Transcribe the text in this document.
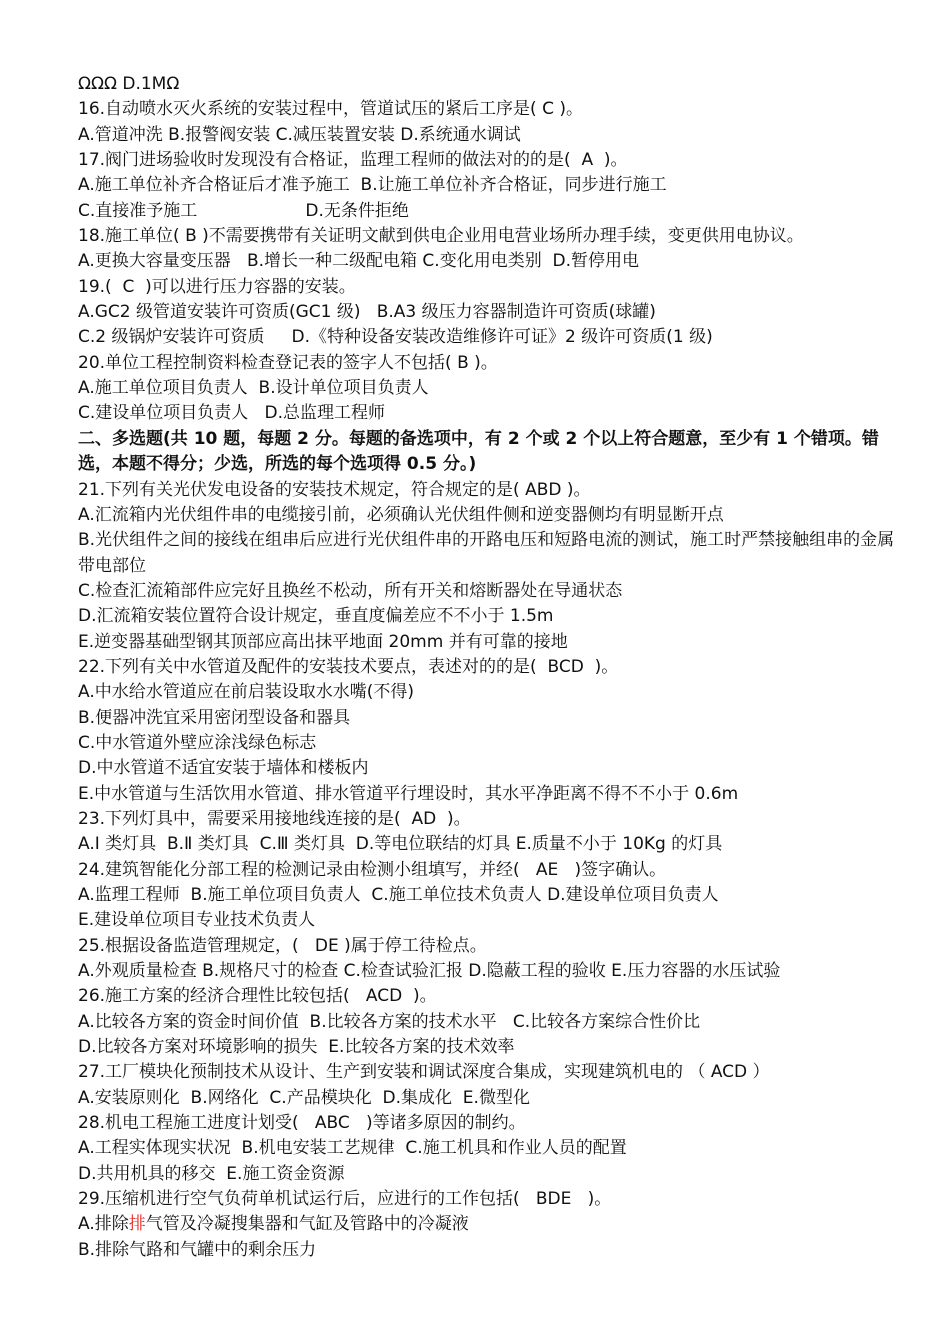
ΩΩΩ D.1MΩ
16.自动喷水灭火系统的安装过程中，管道试压的紧后工序是( C )。
A.管道冲洗 B.报警阀安装 C.减压装置安装 D.系统通水调试
17.阀门进场验收时发现没有合格证，监理工程师的做法对的的是(  A  )。
A.施工单位补齐合格证后才准予施工  B.让施工单位补齐合格证，同步进行施工
C.直接准予施工                    D.无条件拒绝
18.施工单位( B )不需要携带有关证明文献到供电企业用电营业场所办理手续，变更供用电协议。
A.更换大容量变压器   B.增长一种二级配电箱 C.变化用电类别  D.暂停用电
19.(  C  )可以进行压力容器的安装。
A.GC2 级管道安装许可资质(GC1 级)   B.A3 级压力容器制造许可资质(球罐)
C.2 级锅炉安装许可资质     D.《特种设备安装改造维修许可证》2 级许可资质(1 级)
20.单位工程控制资料检查登记表的签字人不包括( B )。
A.施工单位项目负责人  B.设计单位项目负责人
C.建设单位项目负责人   D.总监理工程师
二、多选题(共 10 题，每题 2 分。每题的备选项中，有 2 个或 2 个以上符合题意，至少有 1 个错项。错选，本题不得分；少选，所选的每个选项得 0.5 分。)
21.下列有关光伏发电设备的安装技术规定，符合规定的是( ABD )。
A.汇流箱内光伏组件串的电缆接引前，必须确认光伏组件侧和逆变器侧均有明显断开点
B.光伏组件之间的接线在组串后应进行光伏组件串的开路电压和短路电流的测试，施工时严禁接触组串的金属带电部位
C.检查汇流箱部件应完好且换丝不松动，所有开关和熔断器处在导通状态
D.汇流箱安装位置符合设计规定，垂直度偏差应不不小于 1.5m
E.逆变器基础型钢其顶部应高出抹平地面 20mm 并有可靠的接地
22.下列有关中水管道及配件的安装技术要点，表述对的的是(  BCD  )。
A.中水给水管道应在前启装设取水水嘴(不得)
B.便器冲洗宜采用密闭型设备和器具
C.中水管道外壁应涂浅绿色标志
D.中水管道不适宜安装于墙体和楼板内
E.中水管道与生活饮用水管道、排水管道平行埋设时，其水平净距离不得不不小于 0.6m
23.下列灯具中，需要采用接地线连接的是(  AD  )。
A.Ⅰ 类灯具  B.Ⅱ 类灯具  C.Ⅲ 类灯具  D.等电位联结的灯具 E.质量不小于 10Kg 的灯具
24.建筑智能化分部工程的检测记录由检测小组填写，并经(   AE   )签字确认。
A.监理工程师  B.施工单位项目负责人  C.施工单位技术负责人 D.建设单位项目负责人
E.建设单位项目专业技术负责人
25.根据设备监造管理规定，(   DE )属于停工待检点。
A.外观质量检查 B.规格尺寸的检查 C.检查试验汇报 D.隐蔽工程的验收 E.压力容器的水压试验
26.施工方案的经济合理性比较包括(   ACD  )。
A.比较各方案的资金时间价值  B.比较各方案的技术水平   C.比较各方案综合性价比
D.比较各方案对环境影响的损失  E.比较各方案的技术效率
27.工厂模块化预制技术从设计、生产到安装和调试深度合集成，实现建筑机电的 （ ACD ）
A.安装原则化  B.网络化  C.产品模块化  D.集成化  E.微型化
28.机电工程施工进度计划受(   ABC   )等诸多原因的制约。
A.工程实体现实状况  B.机电安装工艺规律  C.施工机具和作业人员的配置
D.共用机具的移交  E.施工资金资源
29.压缩机进行空气负荷单机试运行后，应进行的工作包括(   BDE   )。
A.排除排气管及冷凝搜集器和气缸及管路中的冷凝液
B.排除气路和气罐中的剩余压力
